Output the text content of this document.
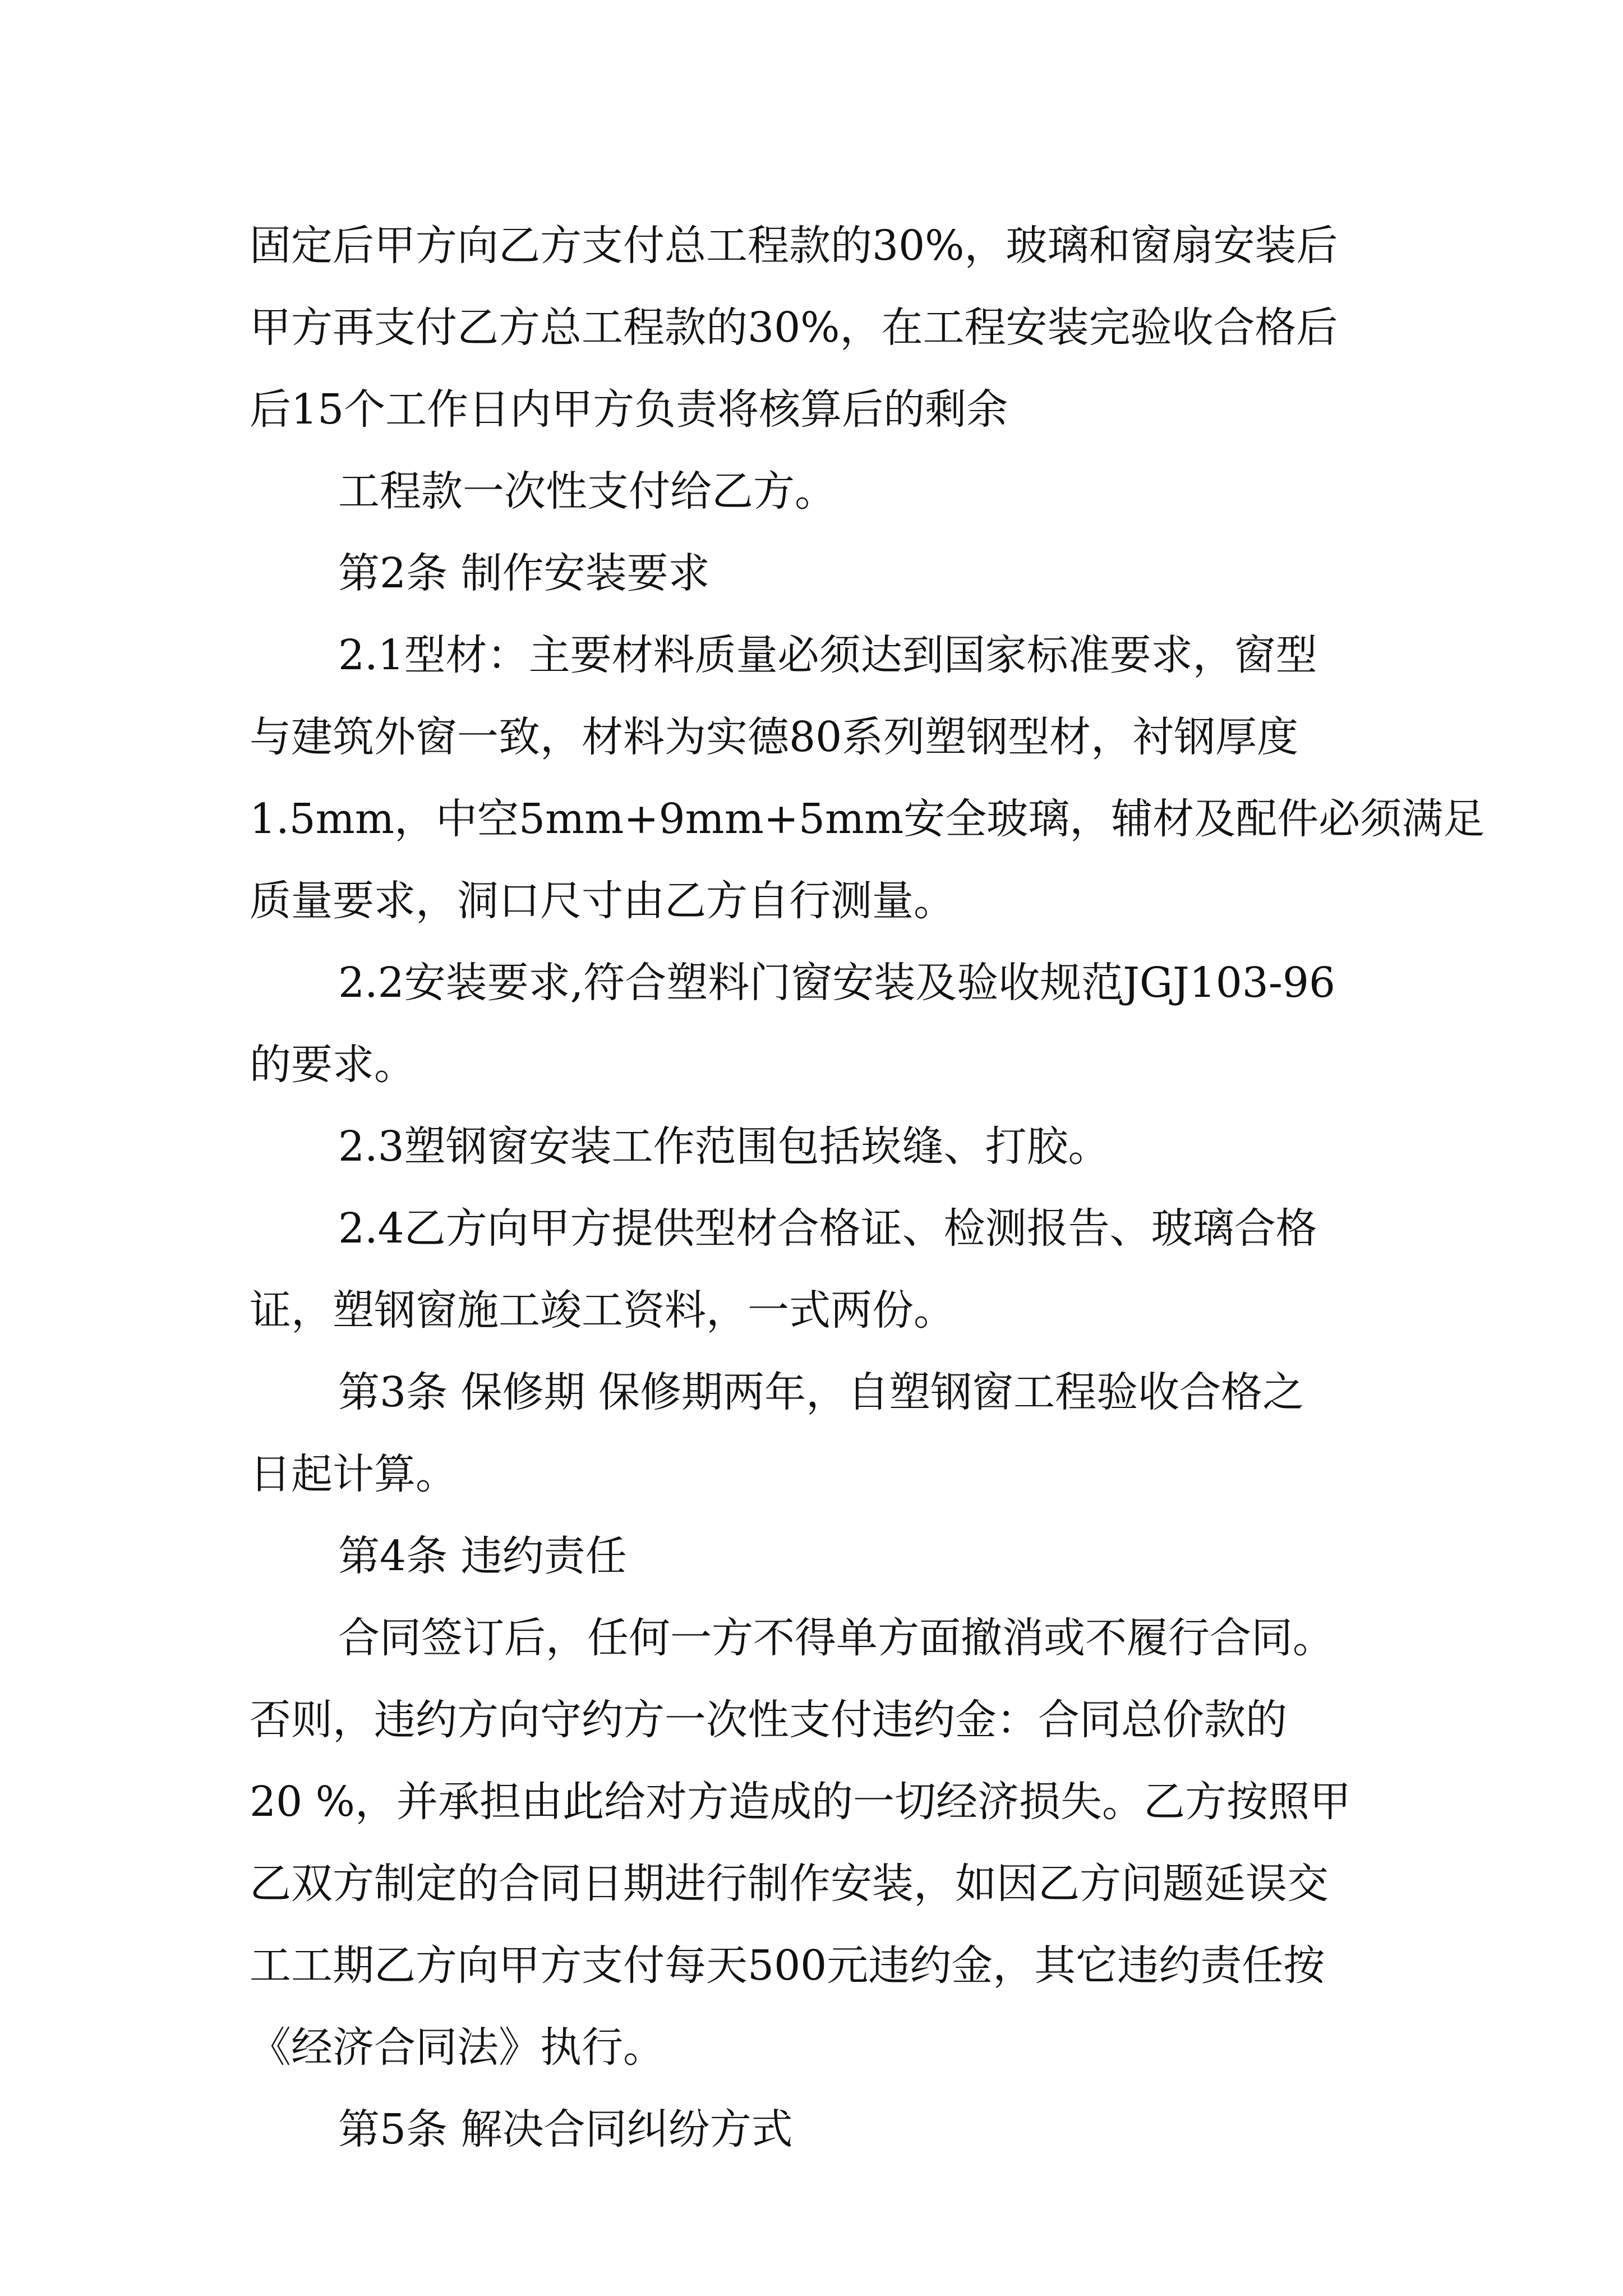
固定后甲方向乙方支付总工程款的30%，玻璃和窗扇安装后
甲方再支付乙方总工程款的30%，在工程安装完验收合格后
后15个工作日内甲方负责将核算后的剩余
工程款一次性支付给乙方。
第2条 制作安装要求
2.1型材：主要材料质量必须达到国家标准要求，窗型
与建筑外窗一致，材料为实德80系列塑钢型材，衬钢厚度
1.5mm，中空5mm+9mm+5mm安全玻璃，辅材及配件必须满足
质量要求，洞口尺寸由乙方自行测量。
2.2安装要求,符合塑料门窗安装及验收规范JGJ103-96
的要求。
2.3塑钢窗安装工作范围包括崁缝、打胶。
2.4乙方向甲方提供型材合格证、检测报告、玻璃合格
证，塑钢窗施工竣工资料，一式两份。
第3条 保修期 保修期两年，自塑钢窗工程验收合格之
日起计算。
第4条 违约责任
合同签订后，任何一方不得单方面撤消或不履行合同。
否则，违约方向守约方一次性支付违约金：合同总价款的
20 %，并承担由此给对方造成的一切经济损失。乙方按照甲
乙双方制定的合同日期进行制作安装，如因乙方问题延误交
工工期乙方向甲方支付每天500元违约金，其它违约责任按
《经济合同法》执行。
第5条 解决合同纠纷方式
